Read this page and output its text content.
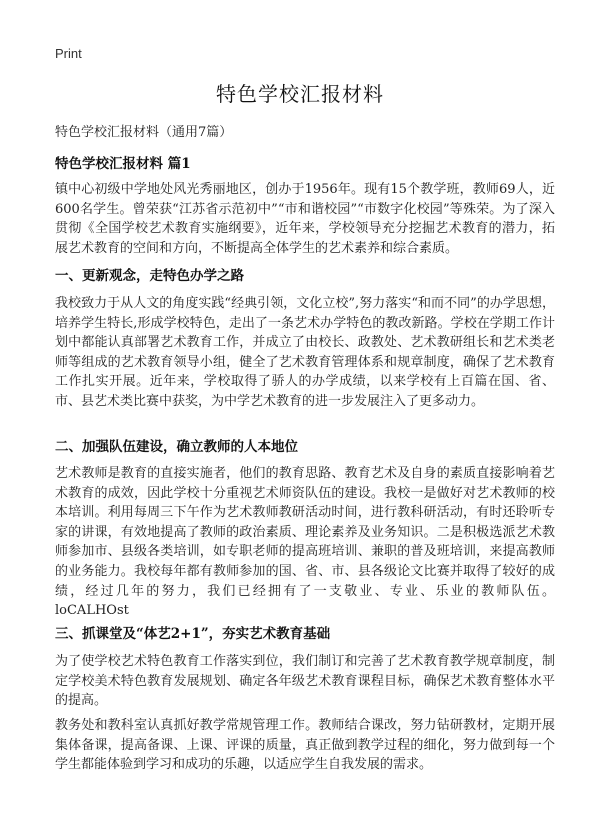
Print
特色学校汇报材料
特色学校汇报材料（通用7篇）
特色学校汇报材料 篇1

镇中心初级中学地处风光秀丽地区，创办于1956年。现有15个教学班，教师69人，近600名学生。曾荣获“江苏省示范初中”“市和谐校园”“市数字化校园”等殊荣。为了深入贯彻《全国学校艺术教育实施纲要》，近年来，学校领导充分挖掘艺术教育的潜力，拓展艺术教育的空间和方向，不断提高全体学生的艺术素养和综合素质。

一、更新观念，走特色办学之路

我校致力于从人文的角度实践“经典引领，文化立校”,努力落实“和而不同”的办学思想，培养学生特长,形成学校特色，走出了一条艺术办学特色的教改新路。学校在学期工作计划中都能认真部署艺术教育工作，并成立了由校长、政教处、艺术教研组长和艺术类老师等组成的艺术教育领导小组，健全了艺术教育管理体系和规章制度，确保了艺术教育工作扎实开展。近年来，学校取得了骄人的办学成绩，以来学校有上百篇在国、省、市、县艺术类比赛中获奖，为中学艺术教育的进一步发展注入了更多动力。

二、加强队伍建设，确立教师的人本地位

艺术教师是教育的直接实施者，他们的教育思路、教育艺术及自身的素质直接影响着艺术教育的成效，因此学校十分重视艺术师资队伍的建设。我校一是做好对艺术教师的校本培训。利用每周三下午作为艺术教师教研活动时间，进行教科研活动，有时还聆听专家的讲课，有效地提高了教师的政治素质、理论素养及业务知识。二是积极选派艺术教师参加市、县级各类培训，如专职老师的提高班培训、兼职的普及班培训，来提高教师的业务能力。我校每年都有教师参加的国、省、市、县各级论文比赛并取得了较好的成绩，经过几年的努力，我们已经拥有了一支敬业、专业、乐业的教师队伍。loCALHOst

三、抓课堂及“体艺2+1”，夯实艺术教育基础

为了使学校艺术特色教育工作落实到位，我们制订和完善了艺术教育教学规章制度，制定学校美术特色教育发展规划、确定各年级艺术教育课程目标，确保艺术教育整体水平的提高。

教务处和教科室认真抓好教学常规管理工作。教师结合课改，努力钻研教材，定期开展集体备课，提高备课、上课、评课的质量，真正做到教学过程的细化，努力做到每一个学生都能体验到学习和成功的乐趣，以适应学生自我发展的需求。
